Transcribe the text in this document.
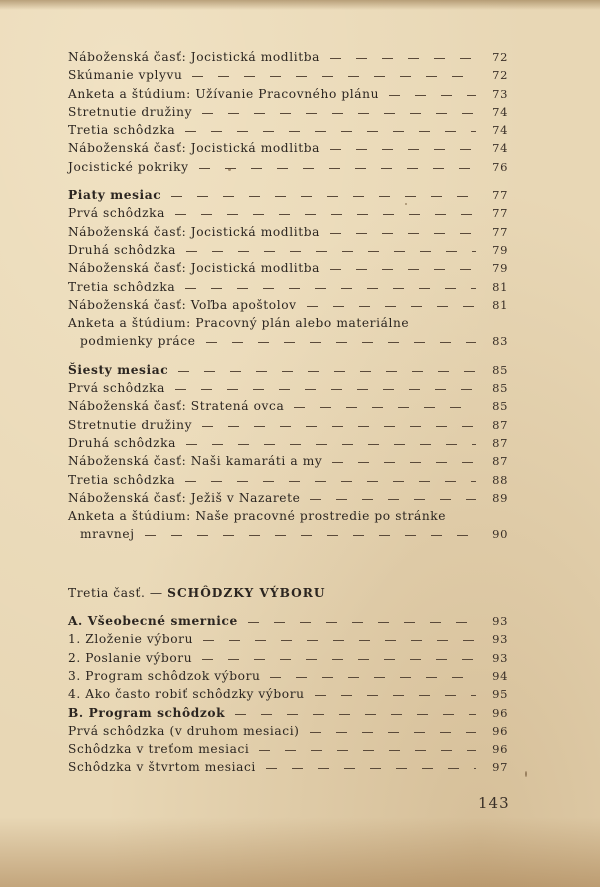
Náboženská časť: Jocistická modlitba	72
Skúmanie vplyvu	72
Anketa a štúdium: Užívanie Pracovného plánu	73
Stretnutie družiny	74
Tretia schôdzka	74
Náboženská časť: Jocistická modlitba	74
Jocistické pokriky	76
Piaty mesiac	77
Prvá schôdzka	77
Náboženská časť: Jocistická modlitba	77
Druhá schôdzka	79
Náboženská časť: Jocistická modlitba	79
Tretia schôdzka	81
Náboženská časť: Voľba apoštolov	81
Anketa a štúdium: Pracovný plán alebo materiálne
podmienky práce	83
Šiesty mesiac	85
Prvá schôdzka	85
Náboženská časť: Stratená ovca	85
Stretnutie družiny	87
Druhá schôdzka	87
Náboženská časť: Naši kamaráti a my	87
Tretia schôdzka	88
Náboženská časť: Ježiš v Nazarete	89
Anketa a štúdium: Naše pracovné prostredie po stránke
mravnej	90
Tretia časť. —
SCHÔDZKY VÝBORU
A. Všeobecné smernice	93
1. Zloženie výboru	93
2. Poslanie výboru	93
3. Program schôdzok výboru	94
4. Ako často robiť schôdzky výboru	95
B. Program schôdzok	96
Prvá schôdzka (v druhom mesiaci)	96
Schôdzka v treťom mesiaci	96
Schôdzka v štvrtom mesiaci	97
143
